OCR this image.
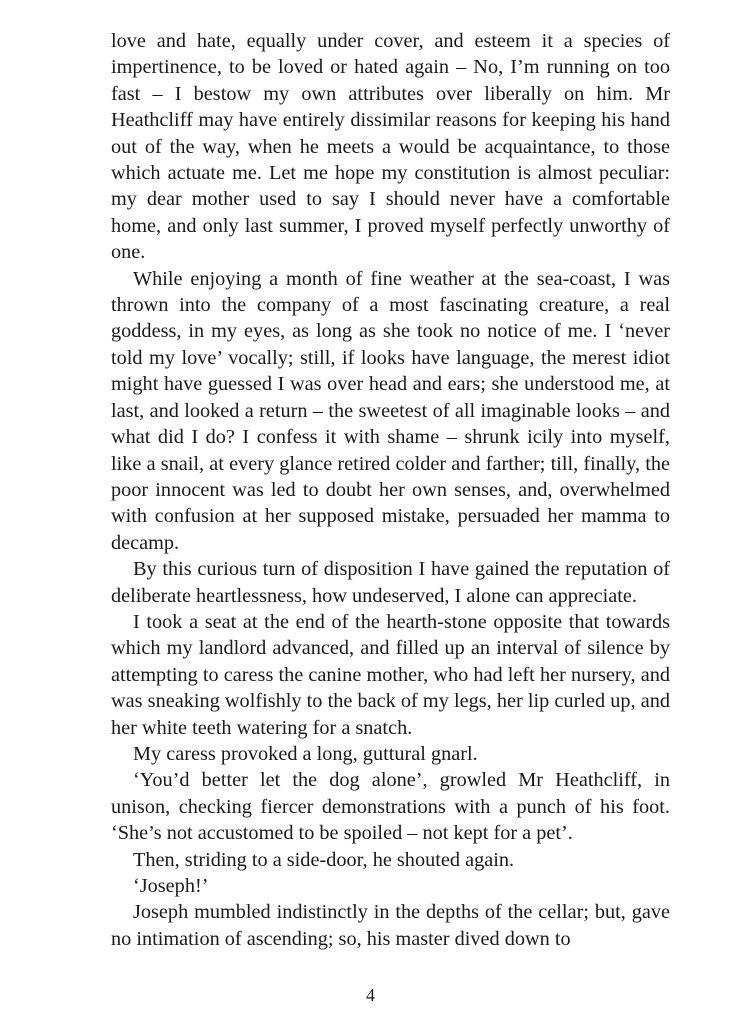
love and hate, equally under cover, and esteem it a species of impertinence, to be loved or hated again – No, I’m running on too fast – I bestow my own attributes over liberally on him. Mr Heathcliff may have entirely dissimilar reasons for keeping his hand out of the way, when he meets a would be acquaintance, to those which actuate me. Let me hope my constitution is almost peculiar: my dear mother used to say I should never have a comfortable home, and only last summer, I proved myself perfectly unworthy of one.

While enjoying a month of fine weather at the sea-coast, I was thrown into the company of a most fascinating creature, a real goddess, in my eyes, as long as she took no notice of me. I ‘never told my love’ vocally; still, if looks have language, the merest idiot might have guessed I was over head and ears; she understood me, at last, and looked a return – the sweetest of all imaginable looks – and what did I do? I confess it with shame – shrunk icily into myself, like a snail, at every glance retired colder and farther; till, finally, the poor innocent was led to doubt her own senses, and, overwhelmed with confusion at her supposed mistake, persuaded her mamma to decamp.

By this curious turn of disposition I have gained the reputation of deliberate heartlessness, how undeserved, I alone can appreciate.

I took a seat at the end of the hearth-stone opposite that towards which my landlord advanced, and filled up an interval of silence by attempting to caress the canine mother, who had left her nursery, and was sneaking wolfishly to the back of my legs, her lip curled up, and her white teeth watering for a snatch.

My caress provoked a long, guttural gnarl.

‘You’d better let the dog alone’, growled Mr Heathcliff, in unison, checking fiercer demonstrations with a punch of his foot. ‘She’s not accustomed to be spoiled – not kept for a pet’.

Then, striding to a side-door, he shouted again.

‘Joseph!’

Joseph mumbled indistinctly in the depths of the cellar; but, gave no intimation of ascending; so, his master dived down to

4
